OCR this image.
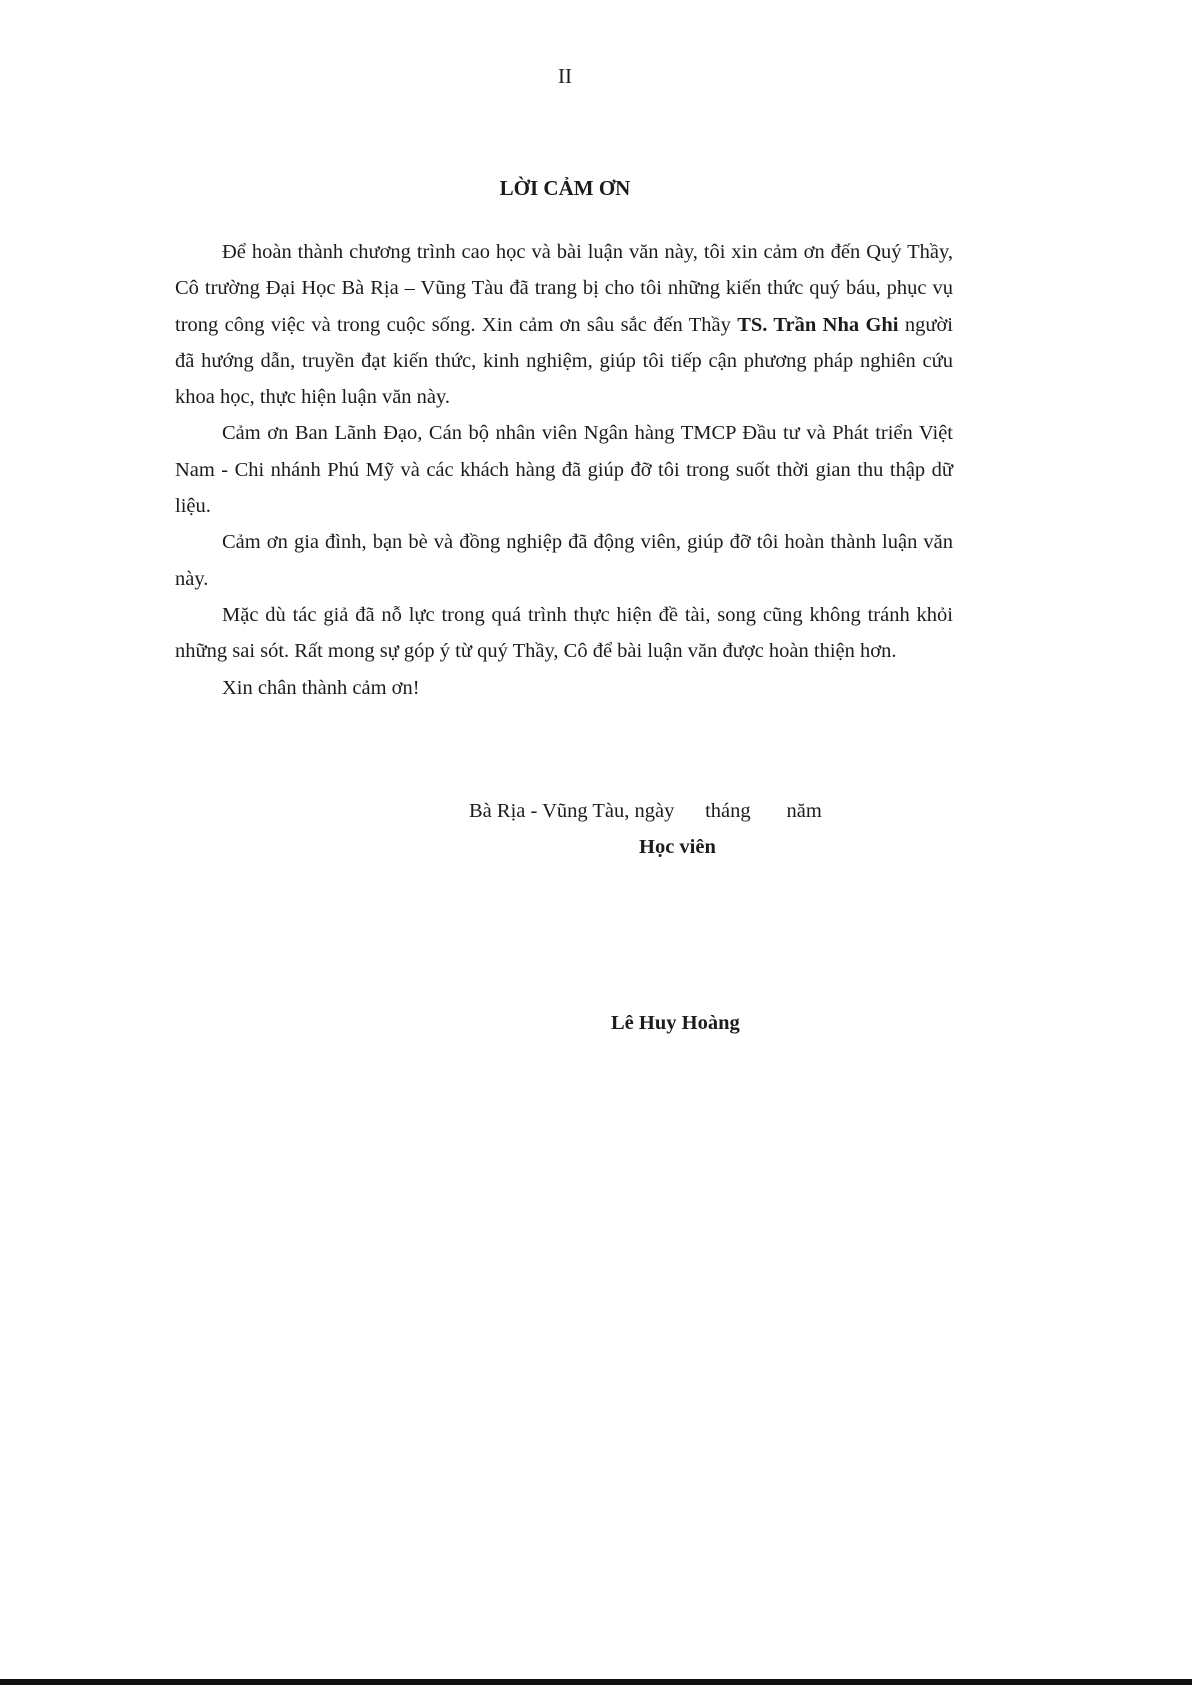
II
LỜI CẢM ƠN

Để hoàn thành chương trình cao học và bài luận văn này, tôi xin cảm ơn đến Quý Thầy, Cô trường Đại Học Bà Rịa – Vũng Tàu đã trang bị cho tôi những kiến thức quý báu, phục vụ trong công việc và trong cuộc sống. Xin cảm ơn sâu sắc đến Thầy TS. Trần Nha Ghi người đã hướng dẫn, truyền đạt kiến thức, kinh nghiệm, giúp tôi tiếp cận phương pháp nghiên cứu khoa học, thực hiện luận văn này.

Cảm ơn Ban Lãnh Đạo, Cán bộ nhân viên Ngân hàng TMCP Đầu tư và Phát triển Việt Nam - Chi nhánh Phú Mỹ và các khách hàng đã giúp đỡ tôi trong suốt thời gian thu thập dữ liệu.

Cảm ơn gia đình, bạn bè và đồng nghiệp đã động viên, giúp đỡ tôi hoàn thành luận văn này.

Mặc dù tác giả đã nỗ lực trong quá trình thực hiện đề tài, song cũng không tránh khỏi những sai sót. Rất mong sự góp ý từ quý Thầy, Cô để bài luận văn được hoàn thiện hơn.

Xin chân thành cảm ơn!

Bà Rịa - Vũng Tàu, ngày      tháng       năm
Học viên
Lê Huy Hoàng
